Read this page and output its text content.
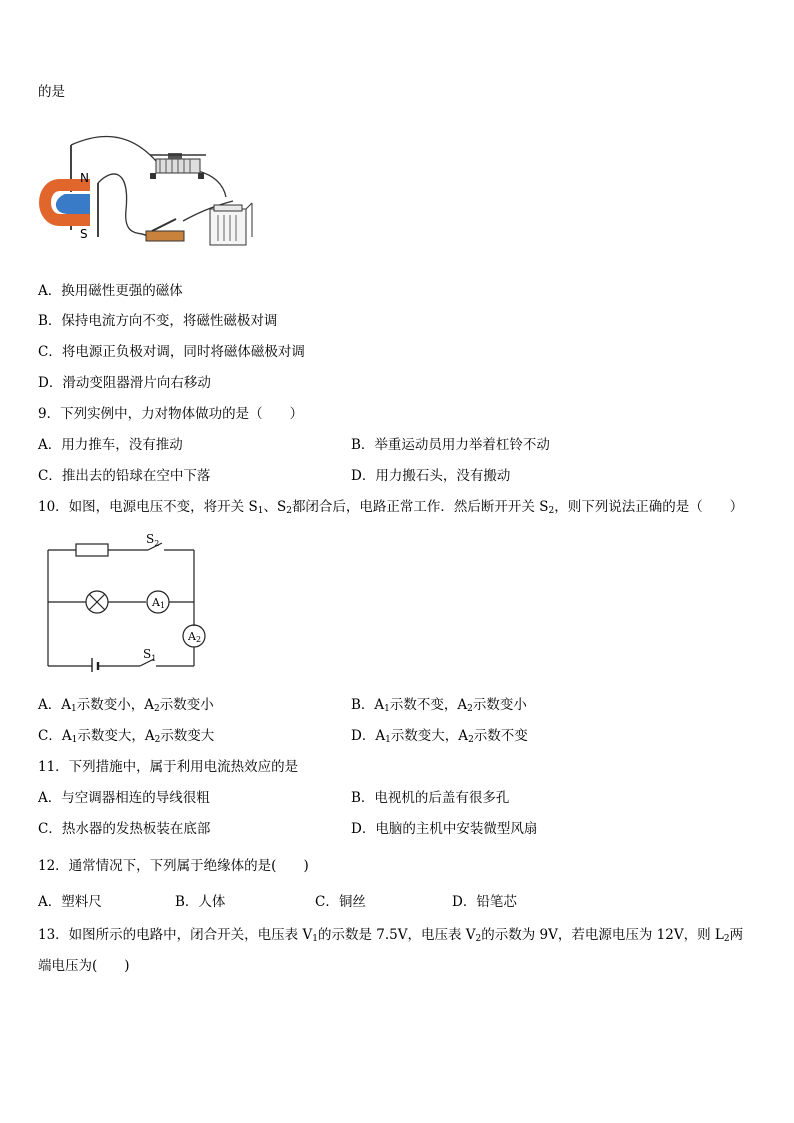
的是
N
S
A．换用磁性更强的磁体
B．保持电流方向不变，将磁性磁极对调
C．将电源正负极对调，同时将磁体磁极对调
D．滑动变阻器滑片向右移动
9．下列实例中，力对物体做功的是（　　）
A．用力推车，没有推动	B．举重运动员用力举着杠铃不动
C．推出去的铅球在空中下落	D．用力搬石头，没有搬动
10．如图，电源电压不变，将开关 $S_1$、$S_2$都闭合后，电路正常工作．然后断开开关 $S_2$，则下列说法正确的是（　　）
$S_2$
A1
A2
$S_1$
A．$A_1$示数变小，$A_2$示数变小	B．$A_1$示数不变，$A_2$示数变小
C．$A_1$示数变大，$A_2$示数变大	D．$A_1$示数变大，$A_2$示数不变
11．下列措施中，属于利用电流热效应的是
A．与空调器相连的导线很粗	B．电视机的后盖有很多孔
C．热水器的发热板装在底部	D．电脑的主机中安装微型风扇
12．通常情况下，下列属于绝缘体的是(　　)
A．塑料尺	B．人体	C．铜丝	D．铅笔芯
13．如图所示的电路中，闭合开关，电压表 $V_1$的示数是 7.5V，电压表 $V_2$的示数为 9V，若电源电压为 12V，则 $L_2$两
端电压为(　　)
